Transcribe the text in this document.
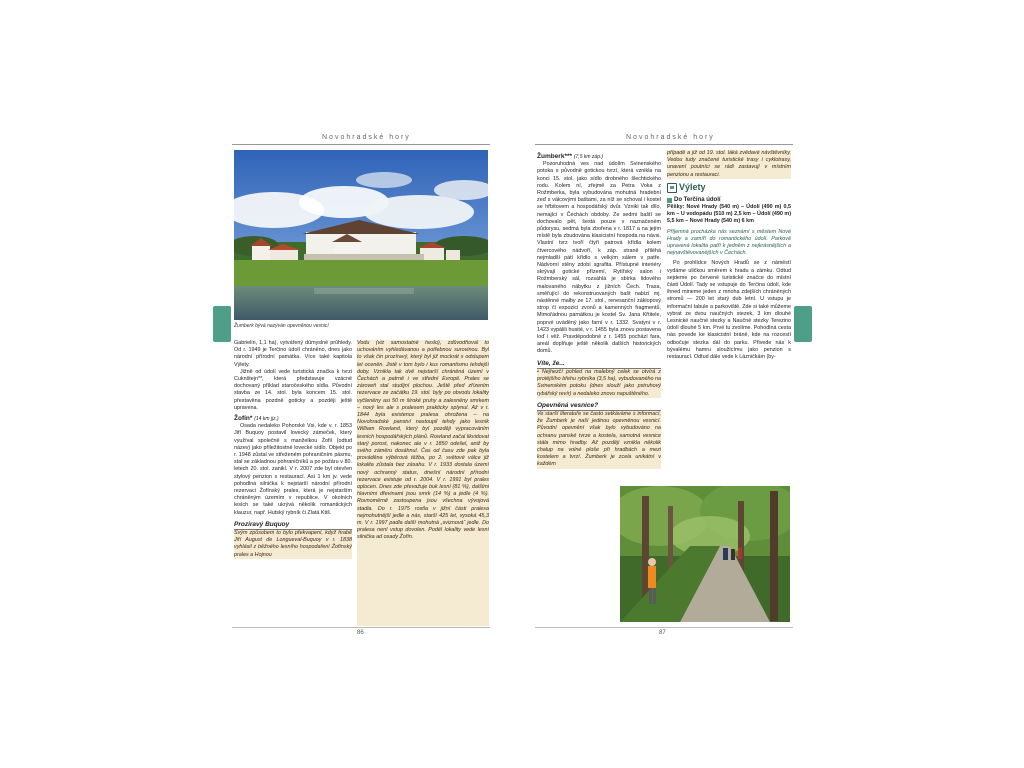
Novohradské hory	Novohradské hory
Žumberk bývá nazýván opevněnou vesnicí

Gabrielin, 1,1 ha), vytvářený důmyslné průhledy. Od r. 1949 je Terčino údolí chráněno, dnes jako národní přírodní památka. Více také kapitola Výlety.

Jižně od údolí vede turistická značka k tvrzi Cuknštejn**, která představuje vzácně dochovaný příklad staročeského sídla. Původní stavba ze 14. stol. byla koncem 15. stol. přestavěna pozdně goticky a později ještě upravena.

Žofín* (14 km jjz.)

Osada nedaleko Pohorské Vsi, kde v. r. 1853 Jiří Buquoy postavil lovecký zámeček, který využíval společně s manželkou Žofií (odtud název) jako příležitostné lovecké sídlo. Objekt po r. 1948 zůstal ve střeženém pohraničním pásmu, stal se základnou pohraničníků a po požáru v 80. letech 20. stol. zanikl. V r. 2007 zde byl otevřen stylový penzion s restaurací. Asi 1 km jv. vede pohodlná silnička k nejstarší národní přírodní rezervaci Žofínský prales, která je nejstarším chráněným územím v republice. V okolních lesích se také ukrývá několik romantických klauzur, např. Hutský rybník či Zlatá Ktiš.

Proziravý Buquoy
Svým způsobem to bylo překvapení, když hrabě Jiří August de Longueval-Buquoy v r. 1838 vyhlásil z běžného lesního hospodaření Žofínský prales a Hojnou
Vodu (viz samostatné heslo), zdůvodňoval to uchováním vyhledávanou a potřebnou surovinou. Byl to však čin prozíravý, který byl již mockrát s odstupem let oceněn. Jistě v tom bylo i kus romantismu tehdejší doby. Vznikla tak dvě nejstarší chráněná území v Čechách a patrně i ve střední Evropě. Prales se zároveň stal studijní plochou. Ještě před zřízením rezervace ze začátku 19. stol. byly po obvodu lokality vyčleněny asi 50 m široké pruhy a zalesněny smrkem – nový les ale s pralesem prakticky splynul. Až v r. 1844 byla existence pralesa ohrožena – na Novohradské panství nastoupil tehdy jako lesník William Rowland, který byl později vypracováním lesních hospodářských plánů. Rowland začal likvidovat starý porost, nakonec ale v r. 1850 odešel, aniž by svého záměru dosáhnul. Čas od času zde pak byla prováděna výběrová těžba, po 2. světové válce již lokalita zůstala bez zásahu. V r. 1933 dostala území nový ochranný status, dnešní národní přírodní rezervace existuje od r. 2004. V r. 1991 byl prales oplocen. Dnes zde převažuje buk lesní (81 %), dalšími hlavními dřevinami jsou smrk (14 %) a jedle (4 %). Rovnoměrně zastoupena jsou všechna vývojová stadia. Do r. 1975 rostla v jižní části pralesa nejmohutnější jedle a nás, starší 425 let, vysoká 45,3 m. V r. 1997 padla další mohutná „sviznová“ jedle. Do pralesa není vstup dovolen. Podél lokality vede lesní silnička ad osady Žofín.
Žumberk*** (7,5 km záp.)

Pozoruhodná ves nad údolím Svinenského potoka s původně gotickou tvrzí, která vznikla na konci 15. stol. jako sídlo drobného šlechtického rodu. Kolem ní, zřejmě za Petra Voka z Rožmberka, byla vybudována mohutná hradební zeď s válcovými baštami, za níž se schoval i kostel se hřbitovem a hospodářský dvůr. Vznikl tak dílo, nemající v Čechách obdoby. Ze sedmi baští se dochovalo pět, šestá pouze v naznačeném půdorysu, sedmá byla zbořena v r. 1817 a na jejím místě byla zbudována klasicistní hospoda na návsi. Vlastní tvrz tvoří čtyři patrová křídla kolem čtvercového nádvoří, k záp. straně přiléhá nejmladší pátí křídlo s velkým sálem v patře. Nádvorní stěny zdobí sgrafita. Přístupné interiéry skrývají gotické přízemí, Rytířský salon i Rožmberský sál, rozsáhlá je sbírka lidového malovaného nábytku z jižních Čech. Trasa, směřující do rekonstruovaných bašt nabízí mj. nástěnné malby ze 17. stol., renesanční záklopový strop či expozici zvonů a kamenných fragmentů. Mimořádnou památkou je kostel Sv. Jana Křtitele, poprvé uváděný jako farní v r. 1332. Svatyni v r. 1423 vypálili husité, v r. 1455 byla znovu postavena loď i věž. Pravděpodobně z r. 1455 pochází fara, areál doplňuje ještě několik dalších historických domů.

Víte, že...
• Nejhezčí pohled na malebný celek se otvírá z protějšího břehu rybníka (3,5 ha), vybudovaného na Svinenském potoku (dnes slouží jako pstruhový rybářský revír) a nedaleko znovu napuštěného.
Opevněná vesnice?
Ve starší literatuře se často setkáváme s informací, že Žumberk je naší jedinou opevněnou vesnicí. Původní opevnění však bylo vybudováno na ochranu panské tvrze a kostela, samotná vesnice stála mimo hradby. Až později vznikla několik chalup na volné ploše při hradbách a mezi kostelem a tvrzí. Žumberk je zcela unikátní v každém
případě a již od 19. stol. láká zvědavé návštěvníky. Vedou tudy značené turistické trasy i cyklotrasy, unavení poutníci se rádi zastavují v místním penzionu a restauraci.
Výlety
Do Terčina údolí

Pěšky: Nové Hrady (540 m) – Údolí (490 m) 0,5 km – U vodopádu (510 m) 2,5 km – Údolí (490 m) 5,5 km – Nové Hrady (540 m) 6 km

Příjemná procházka nás seznámí s městem Nové Hrady a zamíří do romantického údolí. Parkově upravená lokalita patří k jedněm z nejkrásnějších a nejnavštěvovanějších v Čechách.

Po prohlídce Nových Hradů se z náměstí vydáme uličkou směrem k hradu a zámku. Odtud sejdeme po červené turistické značce do místní části Údolí. Tady se vstupuje do Terčina údolí, kde ihned mineme jeden z mnoha zdejších chráněných stromů — 200 let starý dub letní. U vstupu je informační tabule a parkoviště. Zde si také můžeme vybrat ze dvou naučných stezek, 3 km dlouhé Lesnické naučné stezky a Naučné stezky Terezino údolí dlouhé 5 km. Prvé tu zvolíme. Pohodlná cesta nás povede ke klasicistní bráně, kde na rozcestí odbočuje stezka dál do parku. Přivede nás k bývalému hamru sloužícímu jako penzion s restaurací. Odtud dále vede k Lázničkám (by-

86	87
